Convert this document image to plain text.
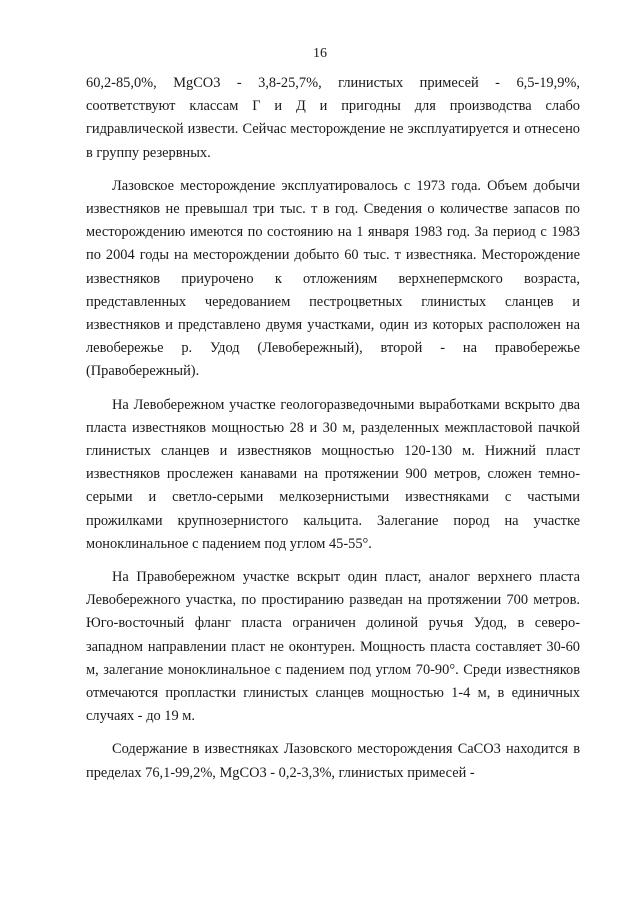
16

60,2-85,0%, MgCO3 - 3,8-25,7%, глинистых примесей - 6,5-19,9%, соответствуют классам Г и Д и пригодны для производства слабо гидравлической извести. Сейчас месторождение не эксплуатируется и отнесено в группу резервных.

Лазовское месторождение эксплуатировалось с 1973 года. Объем добычи известняков не превышал три тыс. т в год. Сведения о количестве запасов по месторождению имеются по состоянию на 1 января 1983 год. За период с 1983 по 2004 годы на месторождении добыто 60 тыс. т известняка. Месторождение известняков приурочено к отложениям верхнепермского возраста, представленных чередованием пестроцветных глинистых сланцев и известняков и представлено двумя участками, один из которых расположен на левобережье р. Удод (Левобережный), второй - на правобережье (Правобережный).

На Левобережном участке геологоразведочными выработками вскрыто два пласта известняков мощностью 28 и 30 м, разделенных межпластовой пачкой глинистых сланцев и известняков мощностью 120-130 м. Нижний пласт известняков прослежен канавами на протяжении 900 метров, сложен темно-серыми и светло-серыми мелкозернистыми известняками с частыми прожилками крупнозернистого кальцита. Залегание пород на участке моноклинальное с падением под углом 45-55°.

На Правобережном участке вскрыт один пласт, аналог верхнего пласта Левобережного участка, по простиранию разведан на протяжении 700 метров. Юго-восточный фланг пласта ограничен долиной ручья Удод, в северо-западном направлении пласт не оконтурен. Мощность пласта составляет 30-60 м, залегание моноклинальное с падением под углом 70-90°. Среди известняков отмечаются пропластки глинистых сланцев мощностью 1-4 м, в единичных случаях - до 19 м.

Содержание в известняках Лазовского месторождения CaCO3 находится в пределах 76,1-99,2%, MgCO3 - 0,2-3,3%, глинистых примесей -
